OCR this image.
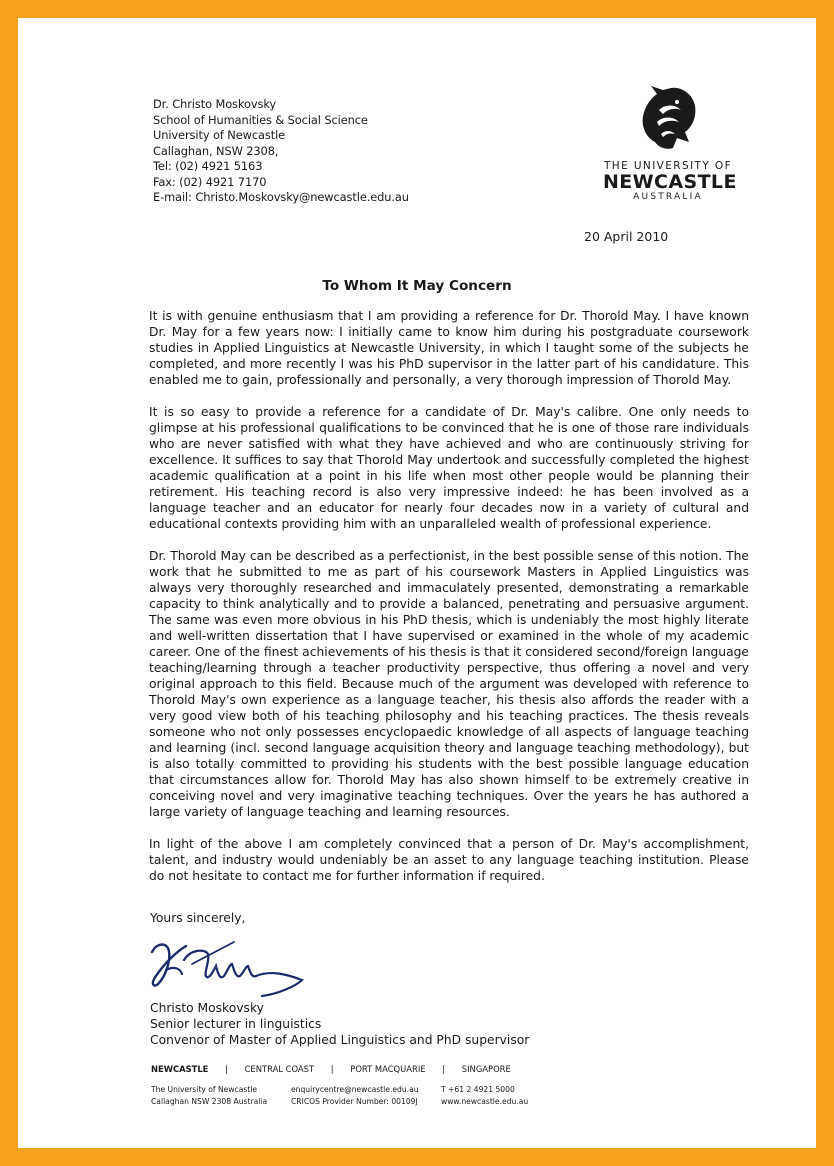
Dr. Christo Moskovsky
School of Humanities & Social Science
University of Newcastle
Callaghan, NSW 2308,
Tel: (02) 4921 5163
Fax: (02) 4921 7170
E-mail: Christo.Moskovsky@newcastle.edu.au
THE UNIVERSITY OF
NEWCASTLE
AUSTRALIA
20 April 2010
To Whom It May Concern

It is with genuine enthusiasm that I am providing a reference for Dr. Thorold May. I have known Dr. May for a few years now: I initially came to know him during his postgraduate coursework studies in Applied Linguistics at Newcastle University, in which I taught some of the subjects he completed, and more recently I was his PhD supervisor in the latter part of his candidature. This enabled me to gain, professionally and personally, a very thorough impression of Thorold May.

It is so easy to provide a reference for a candidate of Dr. May's calibre. One only needs to glimpse at his professional qualifications to be convinced that he is one of those rare individuals who are never satisfied with what they have achieved and who are continuously striving for excellence. It suffices to say that Thorold May undertook and successfully completed the highest academic qualification at a point in his life when most other people would be planning their retirement. His teaching record is also very impressive indeed: he has been involved as a language teacher and an educator for nearly four decades now in a variety of cultural and educational contexts providing him with an unparalleled wealth of professional experience.

Dr. Thorold May can be described as a perfectionist, in the best possible sense of this notion. The work that he submitted to me as part of his coursework Masters in Applied Linguistics was always very thoroughly researched and immaculately presented, demonstrating a remarkable capacity to think analytically and to provide a balanced, penetrating and persuasive argument. The same was even more obvious in his PhD thesis, which is undeniably the most highly literate and well-written dissertation that I have supervised or examined in the whole of my academic career. One of the finest achievements of his thesis is that it considered second/foreign language teaching/learning through a teacher productivity perspective, thus offering a novel and very original approach to this field. Because much of the argument was developed with reference to Thorold May's own experience as a language teacher, his thesis also affords the reader with a very good view both of his teaching philosophy and his teaching practices. The thesis reveals someone who not only possesses encyclopaedic knowledge of all aspects of language teaching and learning (incl. second language acquisition theory and language teaching methodology), but is also totally committed to providing his students with the best possible language education that circumstances allow for. Thorold May has also shown himself to be extremely creative in conceiving novel and very imaginative teaching techniques. Over the years he has authored a large variety of language teaching and learning resources.

In light of the above I am completely convinced that a person of Dr. May's accomplishment, talent, and industry would undeniably be an asset to any language teaching institution. Please do not hesitate to contact me for further information if required.

Yours sincerely,
Christo Moskovsky
Senior lecturer in linguistics
Convenor of Master of Applied Linguistics and PhD supervisor
NEWCASTLE | CENTRAL COAST | PORT MACQUARIE | SINGAPORE
The University of Newcastle
Callaghan NSW 2308 Australia
enquirycentre@newcastle.edu.au
CRICOS Provider Number: 00109J
T +61 2 4921 5000
www.newcastle.edu.au
